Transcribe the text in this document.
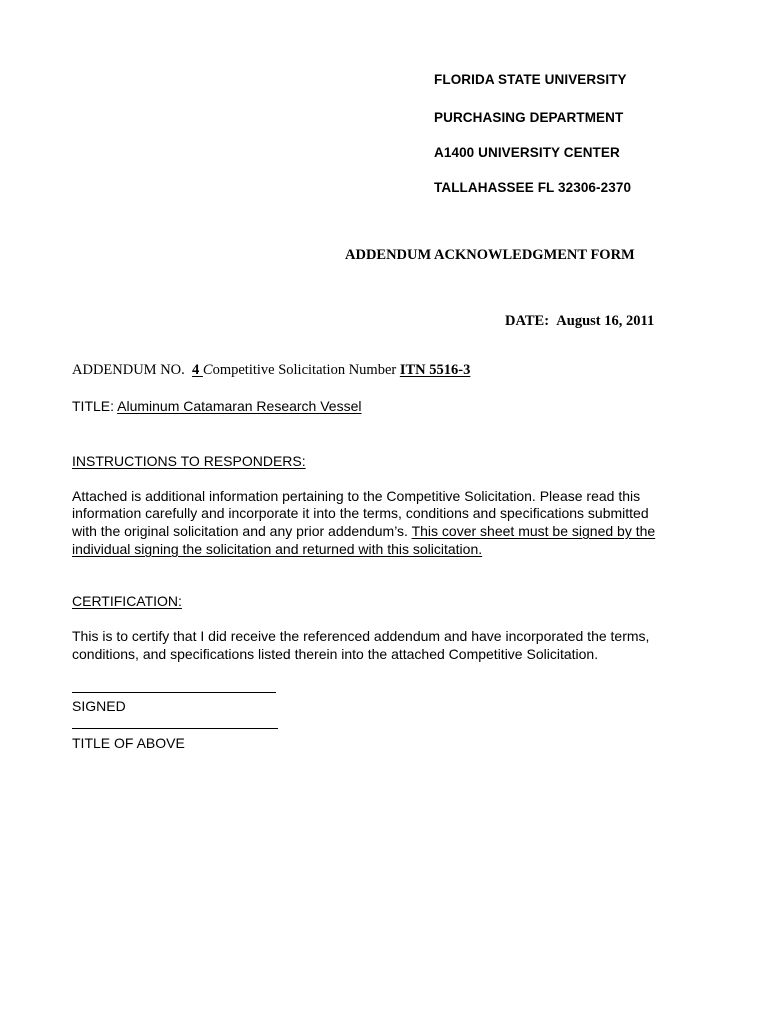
FLORIDA STATE UNIVERSITY
PURCHASING DEPARTMENT
A1400 UNIVERSITY CENTER
TALLAHASSEE FL 32306-2370
ADDENDUM ACKNOWLEDGMENT FORM
DATE: August 16, 2011
ADDENDUM NO. 4 Competitive Solicitation Number ITN 5516-3
TITLE: Aluminum Catamaran Research Vessel
INSTRUCTIONS TO RESPONDERS:
Attached is additional information pertaining to the Competitive Solicitation. Please read this
information carefully and incorporate it into the terms, conditions and specifications submitted
with the original solicitation and any prior addendum’s. This cover sheet must be signed by the
individual signing the solicitation and returned with this solicitation.
CERTIFICATION:
This is to certify that I did receive the referenced addendum and have incorporated the terms,
conditions, and specifications listed therein into the attached Competitive Solicitation.
SIGNED
TITLE OF ABOVE
